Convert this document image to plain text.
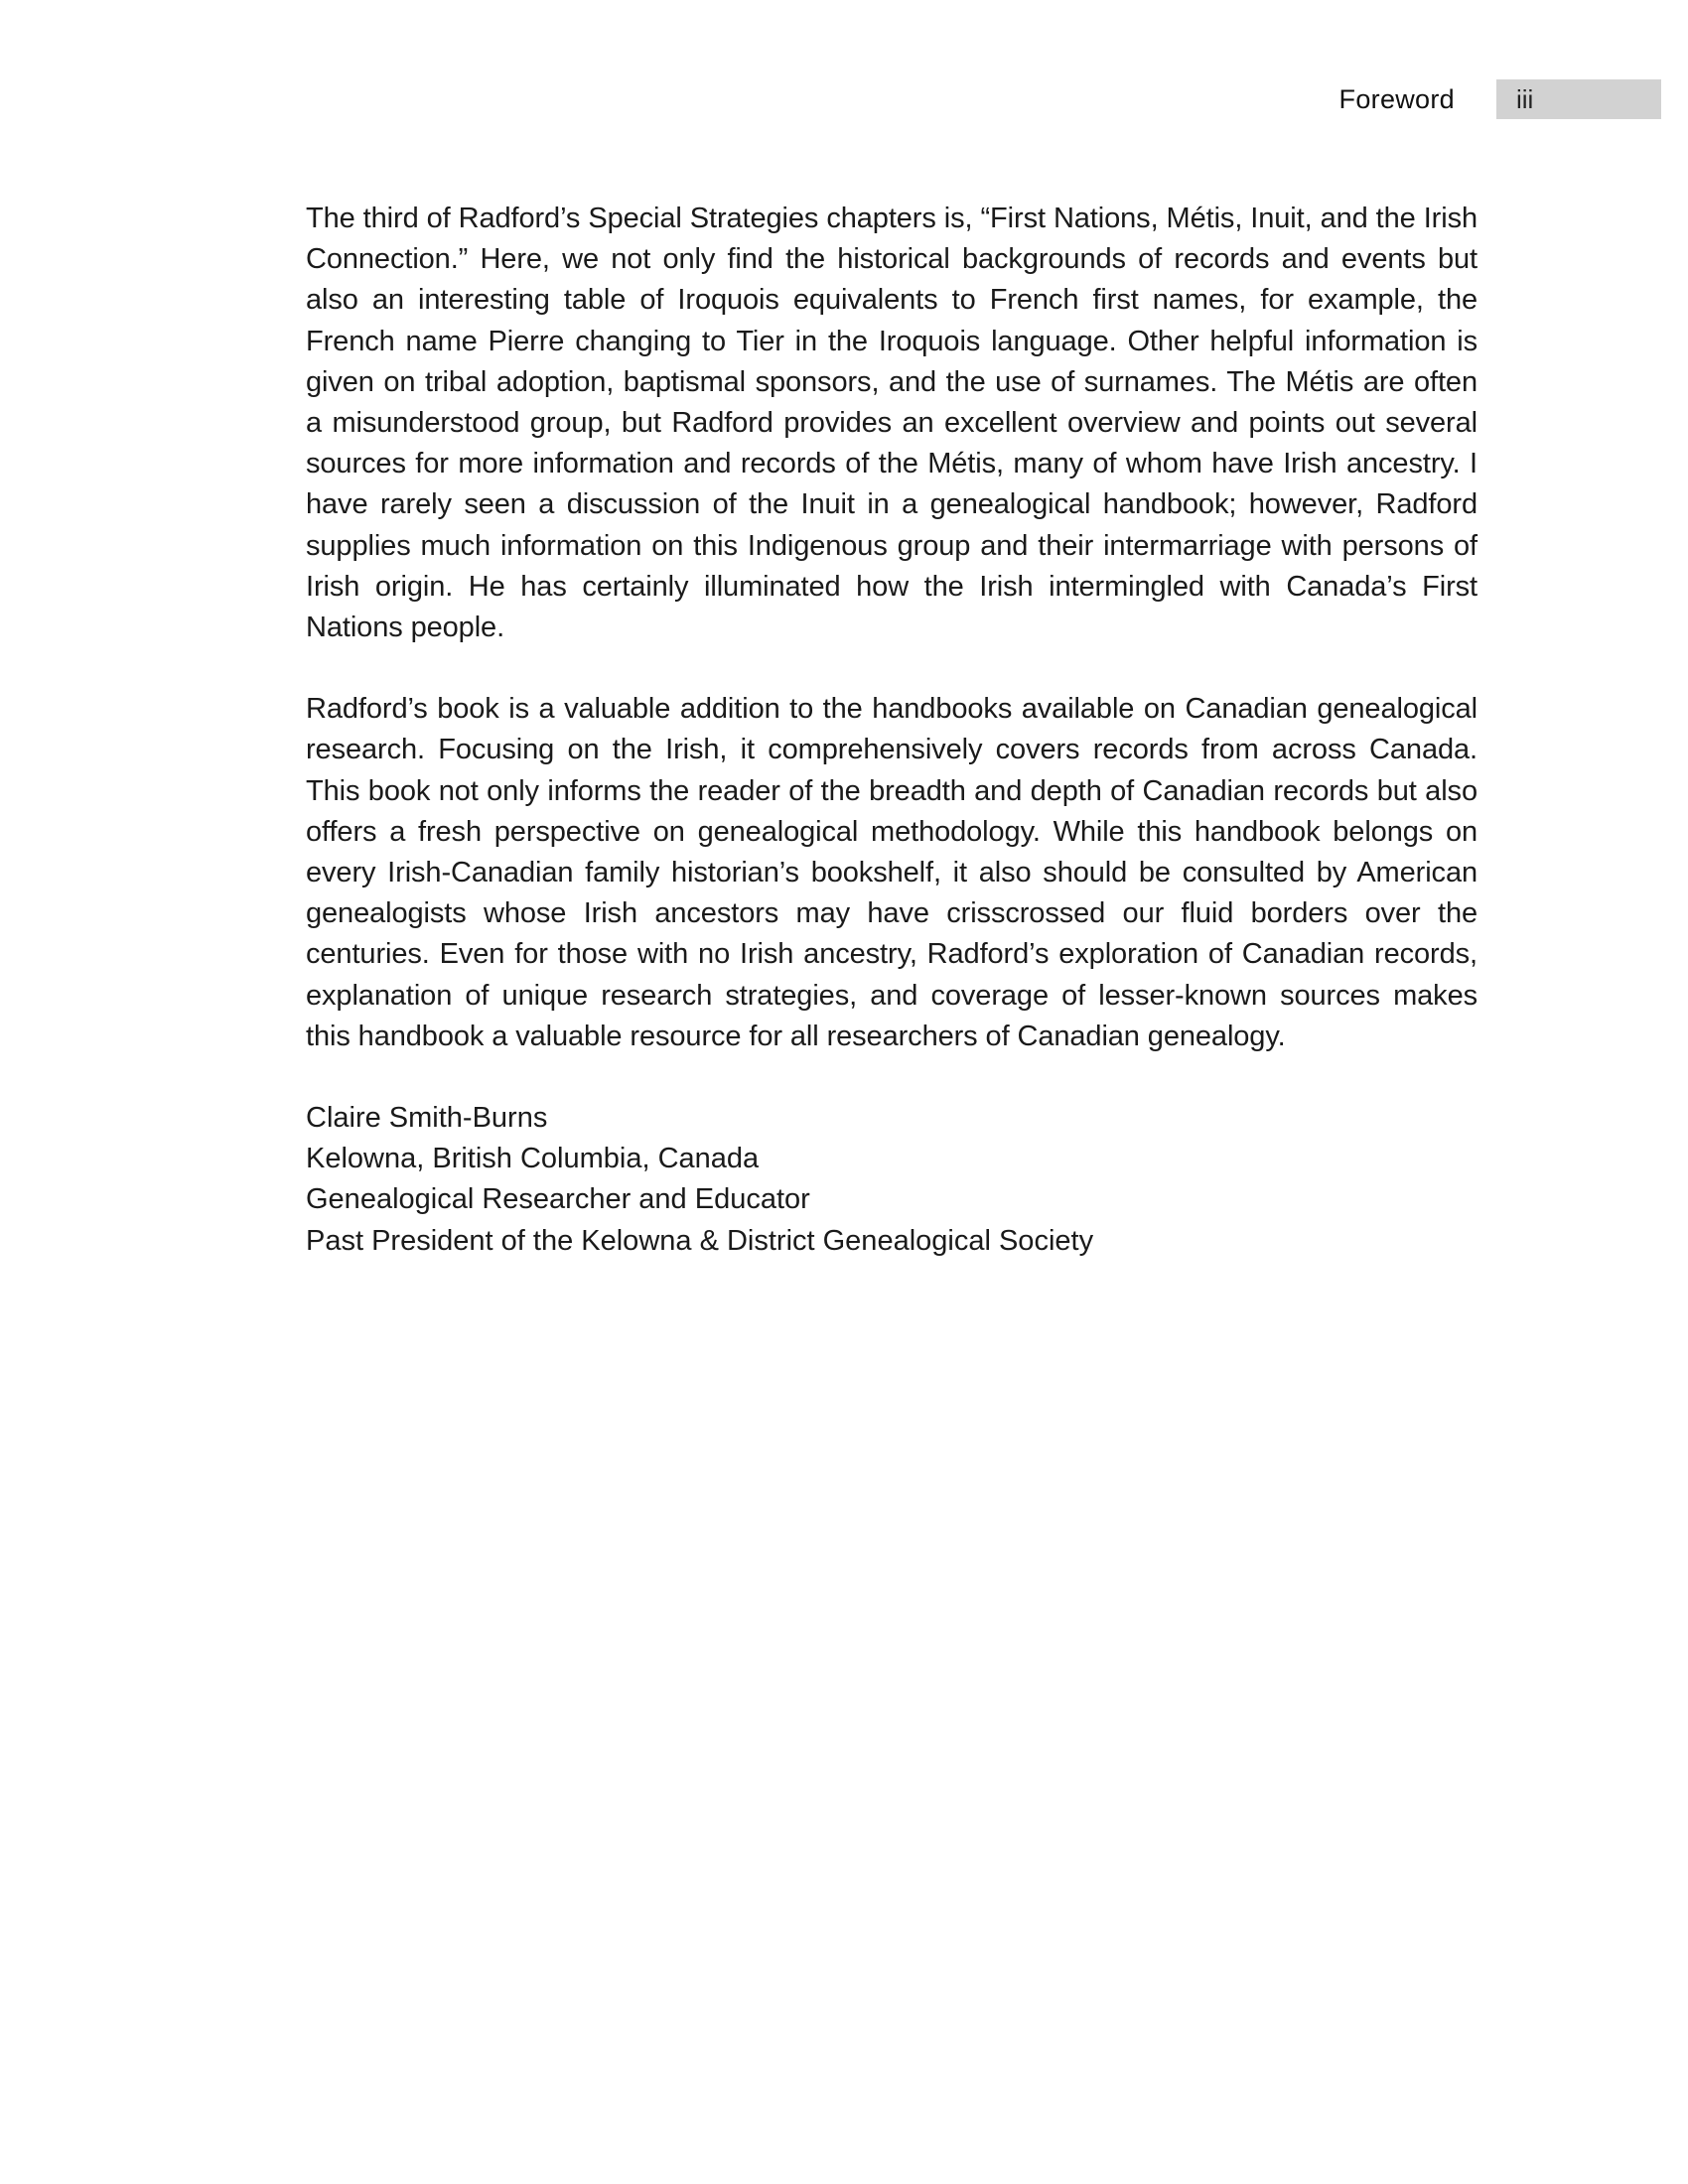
Foreword iii

The third of Radford’s Special Strategies chapters is, “First Nations, Métis, Inuit, and the Irish Connection.” Here, we not only find the historical backgrounds of records and events but also an interesting table of Iroquois equivalents to French first names, for example, the French name Pierre changing to Tier in the Iroquois language. Other helpful information is given on tribal adoption, baptismal sponsors, and the use of surnames. The Métis are often a misunderstood group, but Radford provides an excellent overview and points out several sources for more information and records of the Métis, many of whom have Irish ancestry. I have rarely seen a discussion of the Inuit in a genealogical handbook; however, Radford supplies much information on this Indigenous group and their intermarriage with persons of Irish origin. He has certainly illuminated how the Irish intermingled with Canada’s First Nations people.

Radford’s book is a valuable addition to the handbooks available on Canadian genealogical research. Focusing on the Irish, it comprehensively covers records from across Canada. This book not only informs the reader of the breadth and depth of Canadian records but also offers a fresh perspective on genealogical methodology. While this handbook belongs on every Irish-Canadian family historian’s bookshelf, it also should be consulted by American genealogists whose Irish ancestors may have crisscrossed our fluid borders over the centuries. Even for those with no Irish ancestry, Radford’s exploration of Canadian records, explanation of unique research strategies, and coverage of lesser-known sources makes this handbook a valuable resource for all researchers of Canadian genealogy.

Claire Smith-Burns
Kelowna, British Columbia, Canada
Genealogical Researcher and Educator
Past President of the Kelowna & District Genealogical Society
